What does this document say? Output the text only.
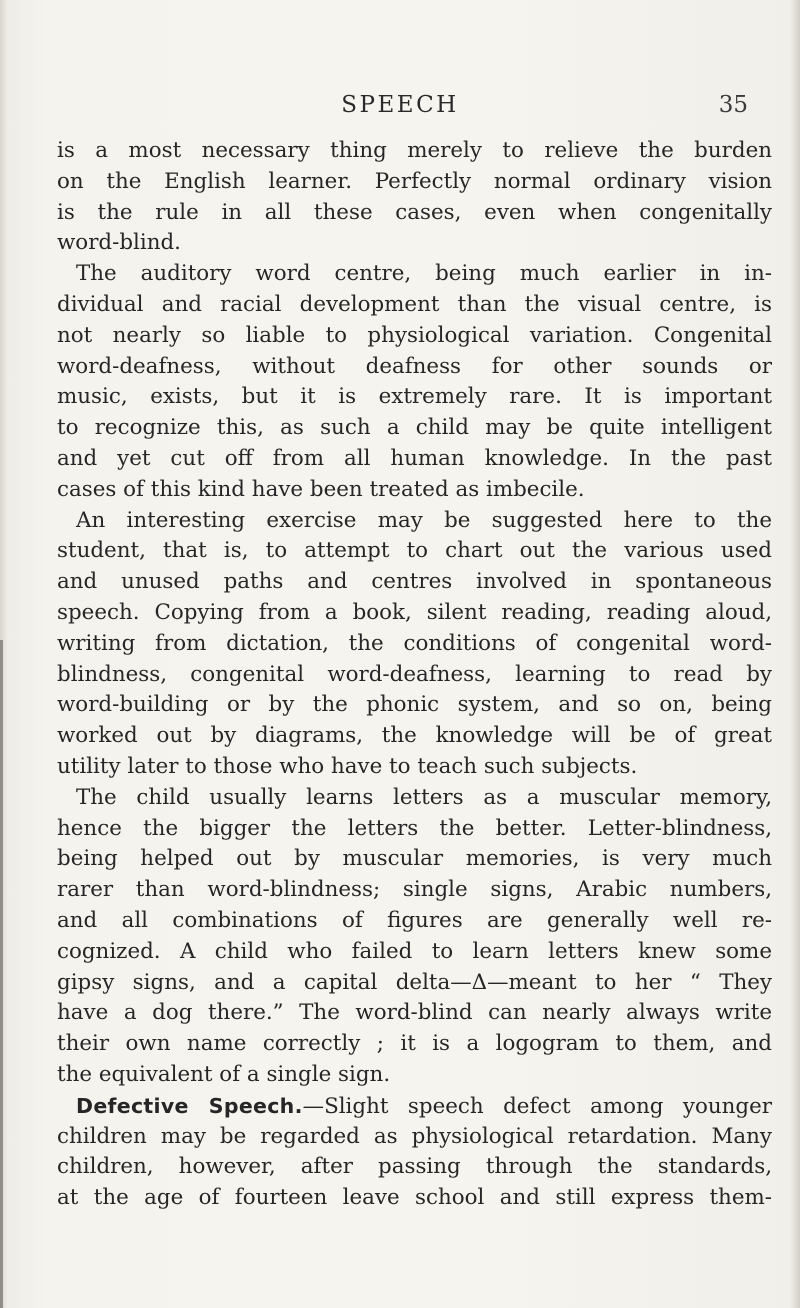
SPEECH	35
is a most necessary thing merely to relieve the burden
on the English learner. Perfectly normal ordinary vision
is the rule in all these cases, even when congenitally
word-blind.
The auditory word centre, being much earlier in in-
dividual and racial development than the visual centre, is
not nearly so liable to physiological variation. Congenital
word-deafness, without deafness for other sounds or
music, exists, but it is extremely rare. It is important
to recognize this, as such a child may be quite intelligent
and yet cut off from all human knowledge. In the past
cases of this kind have been treated as imbecile.
An interesting exercise may be suggested here to the
student, that is, to attempt to chart out the various used
and unused paths and centres involved in spontaneous
speech. Copying from a book, silent reading, reading aloud,
writing from dictation, the conditions of congenital word-
blindness, congenital word-deafness, learning to read by
word-building or by the phonic system, and so on, being
worked out by diagrams, the knowledge will be of great
utility later to those who have to teach such subjects.
The child usually learns letters as a muscular memory,
hence the bigger the letters the better. Letter-blindness,
being helped out by muscular memories, is very much
rarer than word-blindness; single signs, Arabic numbers,
and all combinations of figures are generally well re-
cognized. A child who failed to learn letters knew some
gipsy signs, and a capital delta—Δ—meant to her “ They
have a dog there.” The word-blind can nearly always write
their own name correctly ; it is a logogram to them, and
the equivalent of a single sign.
Defective Speech.—Slight speech defect among younger
children may be regarded as physiological retardation. Many
children, however, after passing through the standards,
at the age of fourteen leave school and still express them-
